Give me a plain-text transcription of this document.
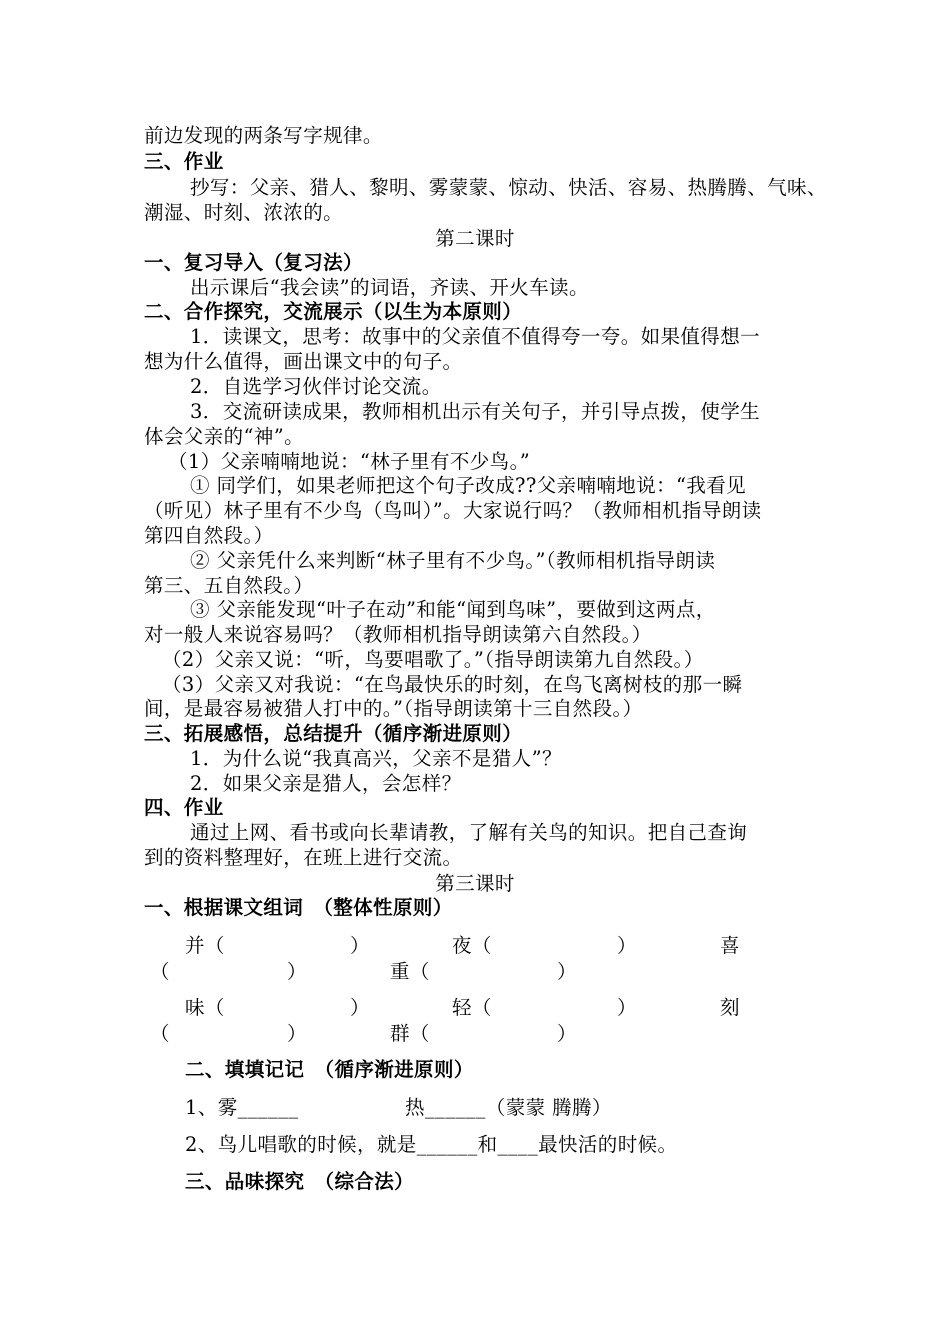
前边发现的两条写字规律。
三、作业
抄写：父亲、猎人、黎明、雾蒙蒙、惊动、快活、容易、热腾腾、气味、
潮湿、时刻、浓浓的。
第二课时
一、复习导入（复习法）
出示课后“我会读”的词语，齐读、开火车读。
二、合作探究，交流展示（以生为本原则）
1．读课文，思考：故事中的父亲值不值得夸一夸。如果值得想一
想为什么值得，画出课文中的句子。
2．自选学习伙伴讨论交流。
3．交流研读成果，教师相机出示有关句子，并引导点拨，使学生
体会父亲的“神”。
（1）父亲喃喃地说：“林子里有不少鸟。”
① 同学们，如果老师把这个句子改成??父亲喃喃地说：“我看见
（听见）林子里有不少鸟（鸟叫）”。大家说行吗？（教师相机指导朗读
第四自然段。）
② 父亲凭什么来判断“林子里有不少鸟。”（教师相机指导朗读
第三、五自然段。）
③ 父亲能发现“叶子在动”和能“闻到鸟味”，要做到这两点，
对一般人来说容易吗？（教师相机指导朗读第六自然段。）
（2）父亲又说：“听，鸟要唱歌了。”（指导朗读第九自然段。）
（3）父亲又对我说：“在鸟最快乐的时刻，在鸟飞离树枝的那一瞬
间，是最容易被猎人打中的。”（指导朗读第十三自然段。）
三、拓展感悟，总结提升（循序渐进原则）
1．为什么说“我真高兴，父亲不是猎人”？
2．如果父亲是猎人，会怎样？
四、作业
通过上网、看书或向长辈请教，了解有关鸟的知识。把自己查询
到的资料整理好，在班上进行交流。
第三课时
一、根据课文组词　（整体性原则）
并（	）	夜（	）	喜
（	）	重（	）
味（	）	轻（	）	刻
（	）	群（	）
二、填填记记　（循序渐进原则）
1、雾______	热______（蒙蒙 腾腾）
2、鸟儿唱歌的时候，就是______和____最快活的时候。
三、品味探究　（综合法）
